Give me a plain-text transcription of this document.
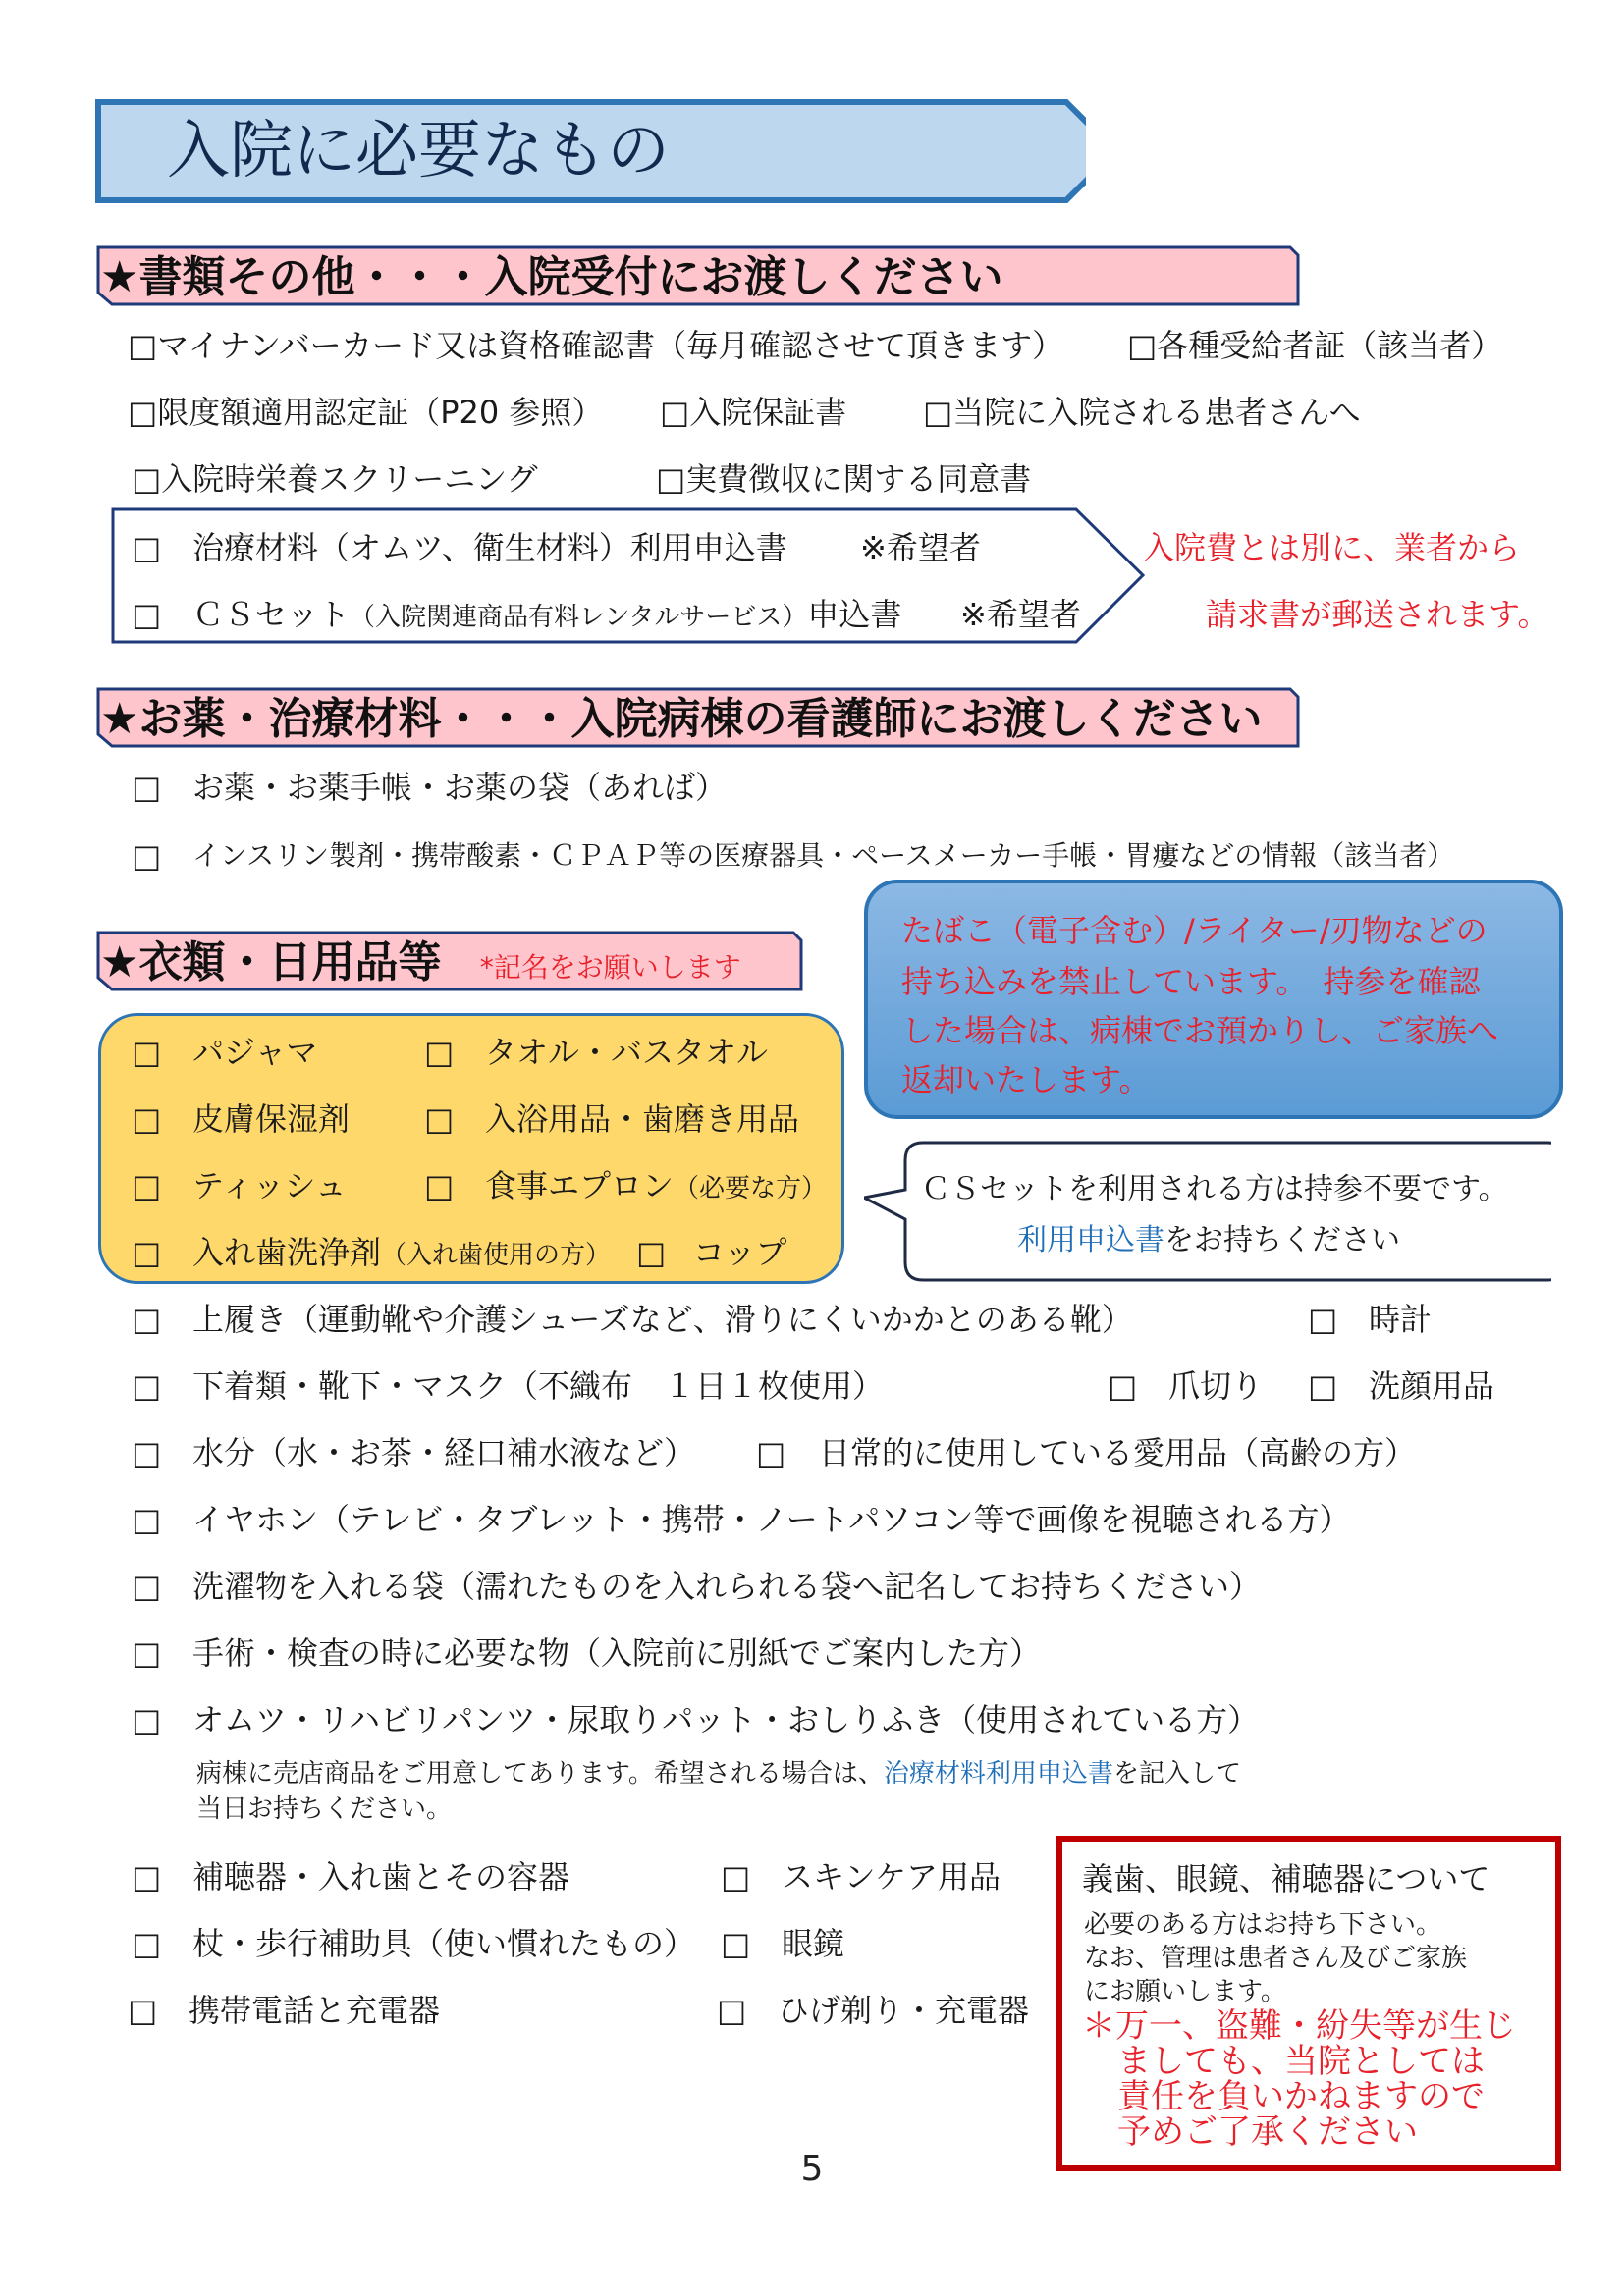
入院に必要なもの
★書類その他・・・入院受付にお渡しください
□マイナンバーカード又は資格確認書（毎月確認させて頂きます） □各種受給者証（該当者）
□限度額適用認定証（P20 参照） □入院保証書 □当院に入院される患者さんへ
□入院時栄養スクリーニング	□実費徴収に関する同意書
□ 治療材料（オムツ、衛生材料）利用申込書 ※希望者
□ ＣＳセット（入院関連商品有料レンタルサービス）申込書 ※希望者
入院費とは別に、業者から
請求書が郵送されます。
★お薬・治療材料・・・入院病棟の看護師にお渡しください
□ お薬・お薬手帳・お薬の袋（あれば）
□ インスリン製剤・携帯酸素・ＣＰＡＰ等の医療器具・ペースメーカー手帳・胃瘻などの情報（該当者）
★衣類・日用品等 *記名をお願いします
たばこ（電子含む）/ライター/刃物などの
持ち込みを禁止しています。　持参を確認
した場合は、病棟でお預かりし、ご家族へ
返却いたします。
□ パジャマ	□ タオル・バスタオル
□ 皮膚保湿剤 □ 入浴用品・歯磨き用品
□ ティッシュ □ 食事エプロン（必要な方）
□ 入れ歯洗浄剤（入れ歯使用の方） □ コップ
ＣＳセットを利用される方は持参不要です。
利用申込書をお持ちください
□ 上履き（運動靴や介護シューズなど、滑りにくいかかとのある靴）	□ 時計
□ 下着類・靴下・マスク（不織布　１日１枚使用）	□ 爪切り □ 洗顔用品
□ 水分（水・お茶・経口補水液など） □ 日常的に使用している愛用品（高齢の方）
□ イヤホン（テレビ・タブレット・携帯・ノートパソコン等で画像を視聴される方）
□ 洗濯物を入れる袋（濡れたものを入れられる袋へ記名してお持ちください）
□ 手術・検査の時に必要な物（入院前に別紙でご案内した方）
□ オムツ・リハビリパンツ・尿取りパット・おしりふき（使用されている方）
病棟に売店商品をご用意してあります。希望される場合は、治療材料利用申込書を記入して
当日お持ちください。
□ 補聴器・入れ歯とその容器	□ スキンケア用品
□ 杖・歩行補助具（使い慣れたもの） □ 眼鏡
□ 携帯電話と充電器	□ ひげ剃り・充電器
義歯、眼鏡、補聴器について
必要のある方はお持ち下さい。
なお、管理は患者さん及びご家族
にお願いします。
＊万一、盗難・紛失等が生じ
ましても、当院としては
責任を負いかねますので
予めご了承ください
5
